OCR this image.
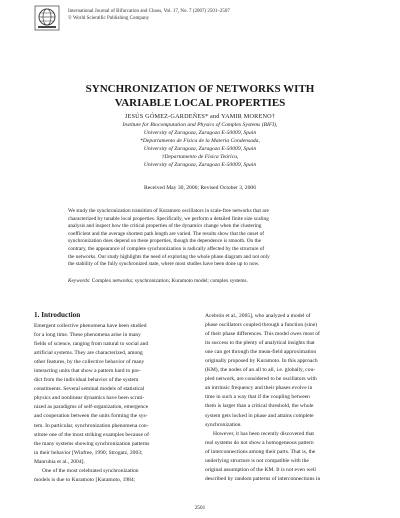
International Journal of Bifurcation and Chaos, Vol. 17, No. 7 (2007) 2501–2507
© World Scientific Publishing Company
SYNCHRONIZATION OF NETWORKS WITH
VARIABLE LOCAL PROPERTIES
JESÚS GÓMEZ-GARDEÑES* and YAMIR MORENO†
Institute for Biocomputation and Physics of Complex Systems (BIFI),
University of Zaragoza, Zaragoza E-50009, Spain
*Departamento de Física de la Materia Condensada,
University of Zaragoza, Zaragoza E-50009, Spain
†Departamento de Física Teórica,
University of Zaragoza, Zaragoza E-50009, Spain
Received May 30, 2006; Revised October 3, 2006
We study the synchronization transition of Kuramoto oscillators in scale-free networks that are
characterized by tunable local properties. Specifically, we perform a detailed finite size scaling
analysis and inspect how the critical properties of the dynamics change when the clustering
coefficient and the average shortest path length are varied. The results show that the onset of
synchronization does depend on these properties, though the dependence is smooth. On the
contrary, the appearance of complete synchronization is radically affected by the structure of
the networks. Our study highlights the need of exploring the whole phase diagram and not only
the stability of the fully synchronized state, where most studies have been done up to now.
Keywords: Complex networks; synchronization; Kuramoto model; complex systems.
1. Introduction
Emergent collective phenomena have been studied
for a long time. These phenomena arise in many
fields of science, ranging from natural to social and
artificial systems. They are characterized, among
other features, by the collective behavior of many
interacting units that show a pattern hard to pre-
dict from the individual behavior of the system
constituents. Several seminal models of statistical
physics and nonlinear dynamics have been scruti-
nized as paradigms of self-organization, emergence
and cooperation between the units forming the sys-
tem. In particular, synchronization phenomena con-
stitute one of the most striking examples because of
the many systems showing synchronization patterns
in their behavior [Winfree, 1990; Strogatz, 2003;
Manrubia et al., 2004].
One of the most celebrated synchronization
models is due to Kuramoto [Kuramoto, 1984;
Acebrón et al., 2005], who analyzed a model of
phase oscillators coupled through a function (sine)
of their phase differences. This model owes most of
its success to the plenty of analytical insights that
one can get through the mean-field approximation
originally proposed by Kuramoto. In this approach
(KM), the nodes of an all to all, i.e. globally, cou-
pled network, are considered to be oscillators with
an intrinsic frequency and their phases evolve in
time in such a way that if the coupling between
them is larger than a critical threshold, the whole
system gets locked in phase and attains complete
synchronization.
However, it has been recently discovered that
real systems do not show a homogeneous pattern
of interconnections among their parts. That is, the
underlying structure is not compatible with the
original assumption of the KM. It is not even well
described by random patterns of interconnections in
2501
